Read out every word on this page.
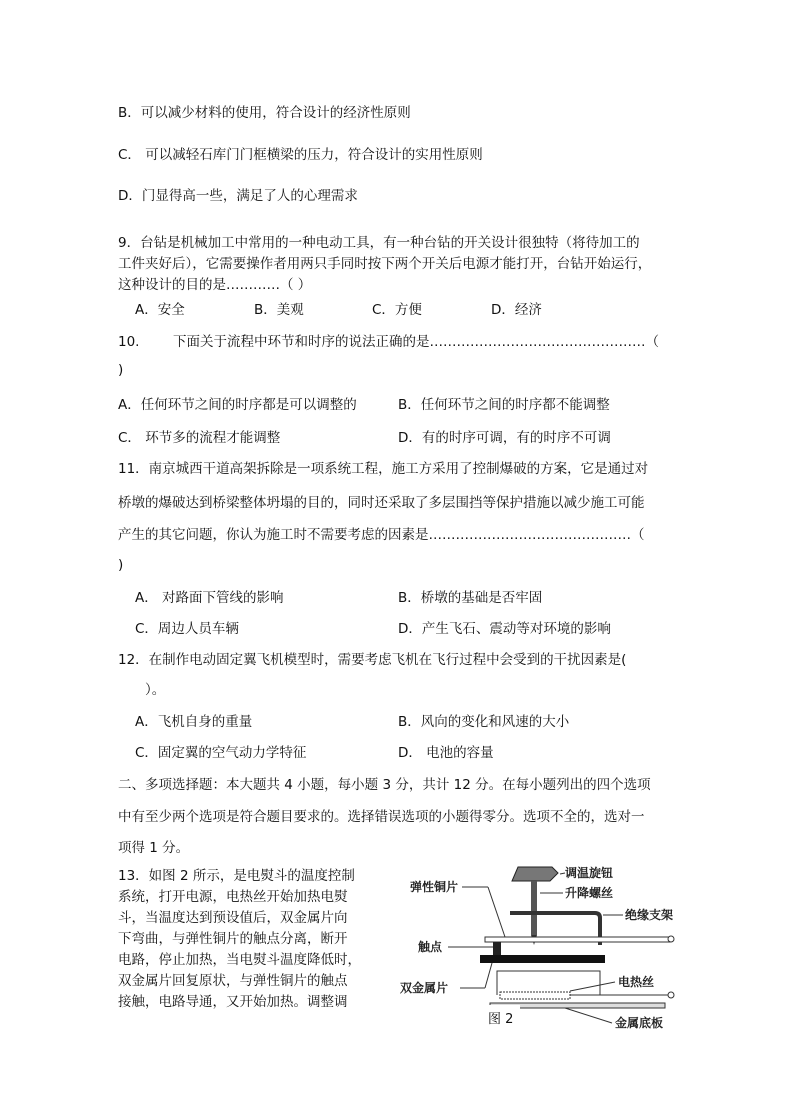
B．可以减少材料的使用，符合设计的经济性原则
C． 可以减轻石库门门框横梁的压力，符合设计的实用性原则
D．门显得高一些，满足了人的心理需求
9．台钻是机械加工中常用的一种电动工具，有一种台钻的开关设计很独特（将待加工的
工件夹好后），它需要操作者用两只手同时按下两个开关后电源才能打开，台钻开始运行，
这种设计的目的是…………（ ）
A．安全	B．美观	C．方便	D．经济
10. 下面关于流程中环节和时序的说法正确的是…………………………………………（
)
A．任何环节之间的时序都是可以调整的	B．任何环节之间的时序都不能调整
C． 环节多的流程才能调整	D．有的时序可调，有的时序不可调
11．南京城西干道高架拆除是一项系统工程，施工方采用了控制爆破的方案，它是通过对
桥墩的爆破达到桥梁整体坍塌的目的，同时还采取了多层围挡等保护措施以减少施工可能
产生的其它问题，你认为施工时不需要考虑的因素是………………………………………（
)
A． 对路面下管线的影响	B．桥墩的基础是否牢固
C．周边人员车辆	D．产生飞石、震动等对环境的影响
12．在制作电动固定翼飞机模型时，需要考虑飞机在飞行过程中会受到的干扰因素是(
）。
A．飞机自身的重量	B．风向的变化和风速的大小
C．固定翼的空气动力学特征	D． 电池的容量
二、多项选择题：本大题共 4 小题，每小题 3 分，共计 12 分。在每小题列出的四个选项
中有至少两个选项是符合题目要求的。选择错误选项的小题得零分。选项不全的，选对一
项得 1 分。
13．如图 2 所示，是电熨斗的温度控制
系统，打开电源，电热丝开始加热电熨
斗，当温度达到预设值后，双金属片向
下弯曲，与弹性铜片的触点分离，断开
电路，停止加热，当电熨斗温度降低时，
双金属片回复原状，与弹性铜片的触点
接触，电路导通，又开始加热。调整调
调温旋钮
升降螺丝
弹性铜片
绝缘支架
触点
双金属片	电热丝
金属底板
图 2
